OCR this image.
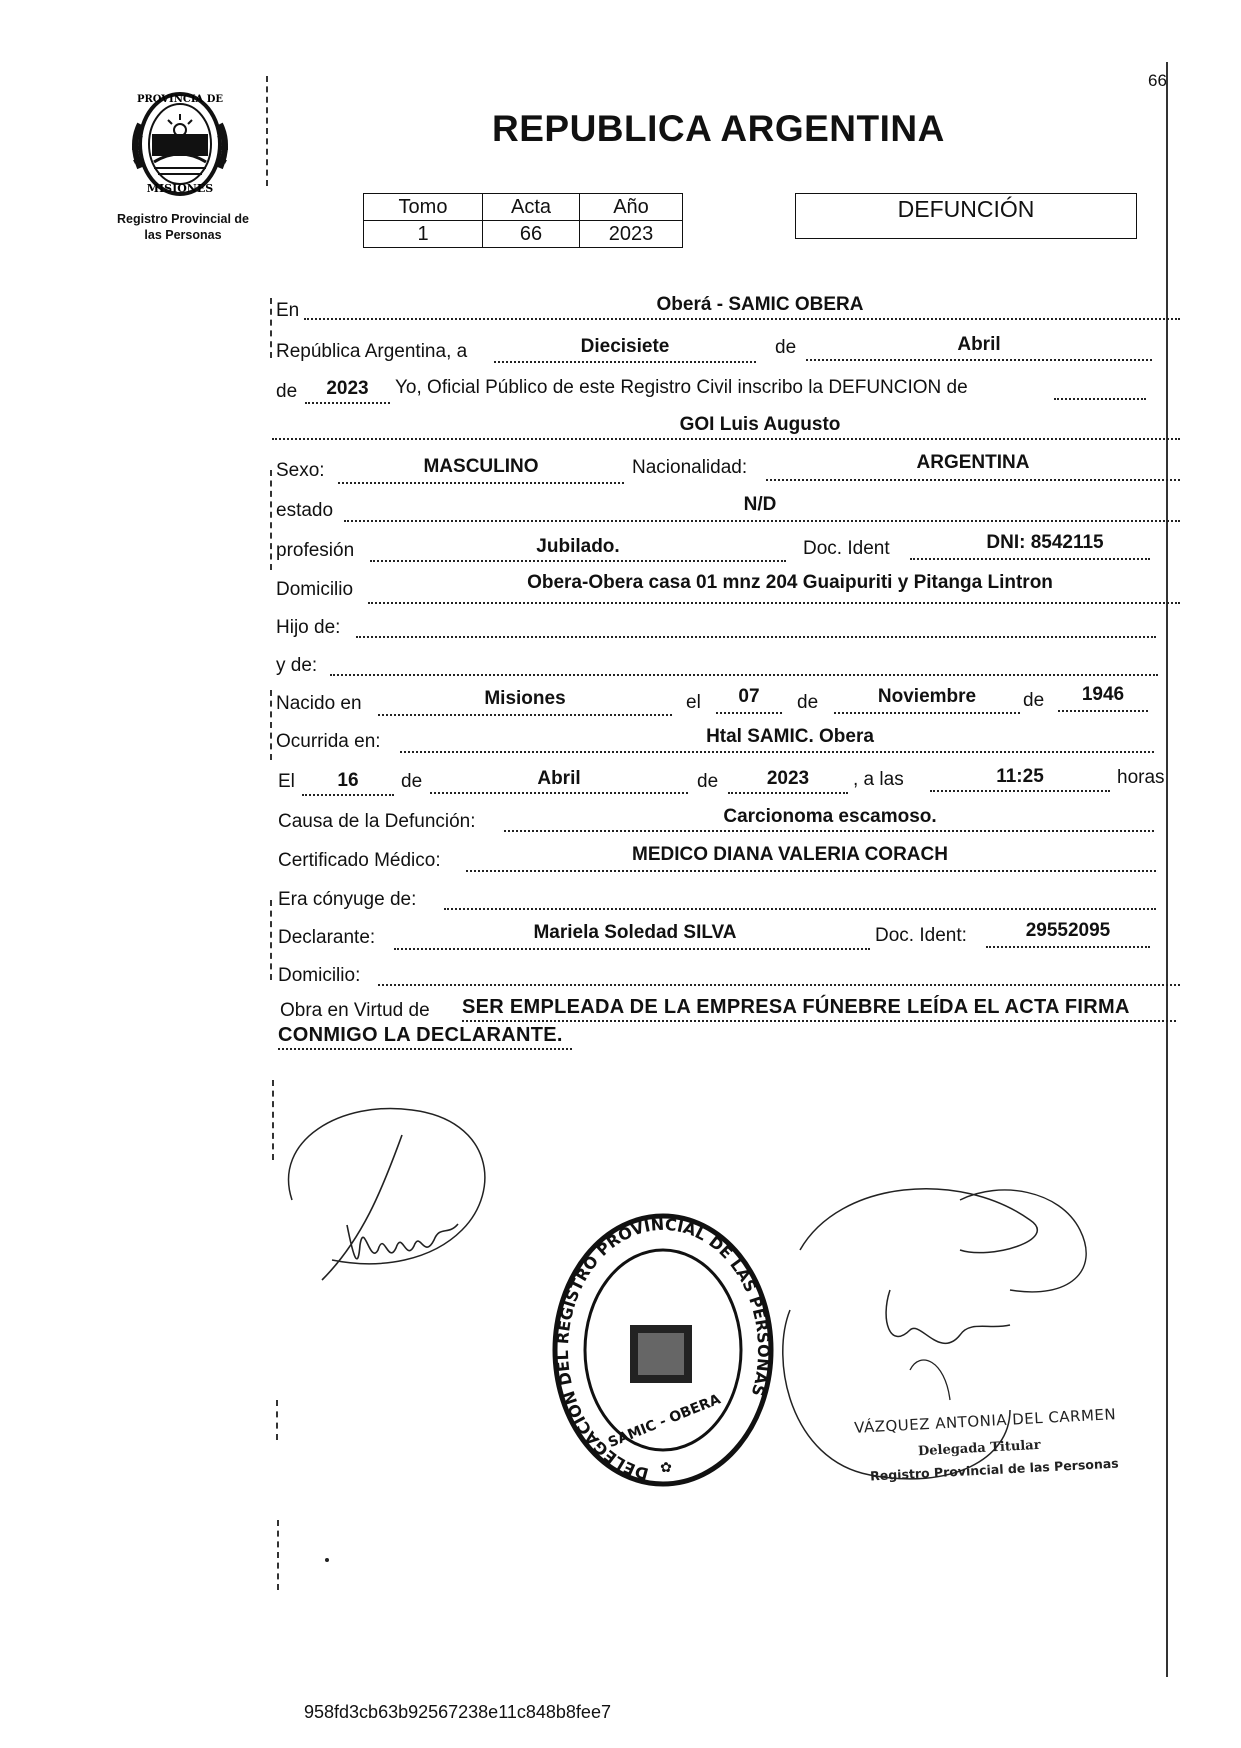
66
PROVINCIA DE
MISIONES
Registro Provincial de
las Personas
REPUBLICA ARGENTINA
Tomo	Acta	Año
1	66	2023
DEFUNCIÓN
En	Oberá - SAMIC OBERA
República Argentina, a	Diecisiete	de	Abril
de	2023	Yo, Oficial Público de este Registro Civil inscribo la DEFUNCION de
GOI Luis Augusto
Sexo:	MASCULINO	Nacionalidad:	ARGENTINA
estado	N/D
profesión	Jubilado.	Doc. Ident	DNI: 8542115
Domicilio	Obera-Obera casa 01 mnz 204 Guaipuriti y Pitanga Lintron
Hijo de:
y de:
Nacido en	Misiones	el	07	de	Noviembre	de	1946
Ocurrida en:	Htal SAMIC. Obera
El	16	de	Abril	de	2023	, a las	11:25	horas
Causa de la Defunción:	Carcionoma escamoso.
Certificado Médico:	MEDICO DIANA VALERIA CORACH
Era cónyuge de:
Declarante:	Mariela Soledad SILVA	Doc. Ident:	29552095
Domicilio:
Obra en Virtud de SER EMPLEADA DE LA EMPRESA FÚNEBRE LEÍDA EL ACTA FIRMA
CONMIGO LA DECLARANTE.
DELEGACIÓN DEL REGISTRO PROVINCIAL DE LAS PERSONAS
SAMIC - OBERA
✿
VÁZQUEZ ANTONIA DEL CARMEN
Delegada Titular
Registro Provincial de las Personas
958fd3cb63b92567238e11c848b8fee7
